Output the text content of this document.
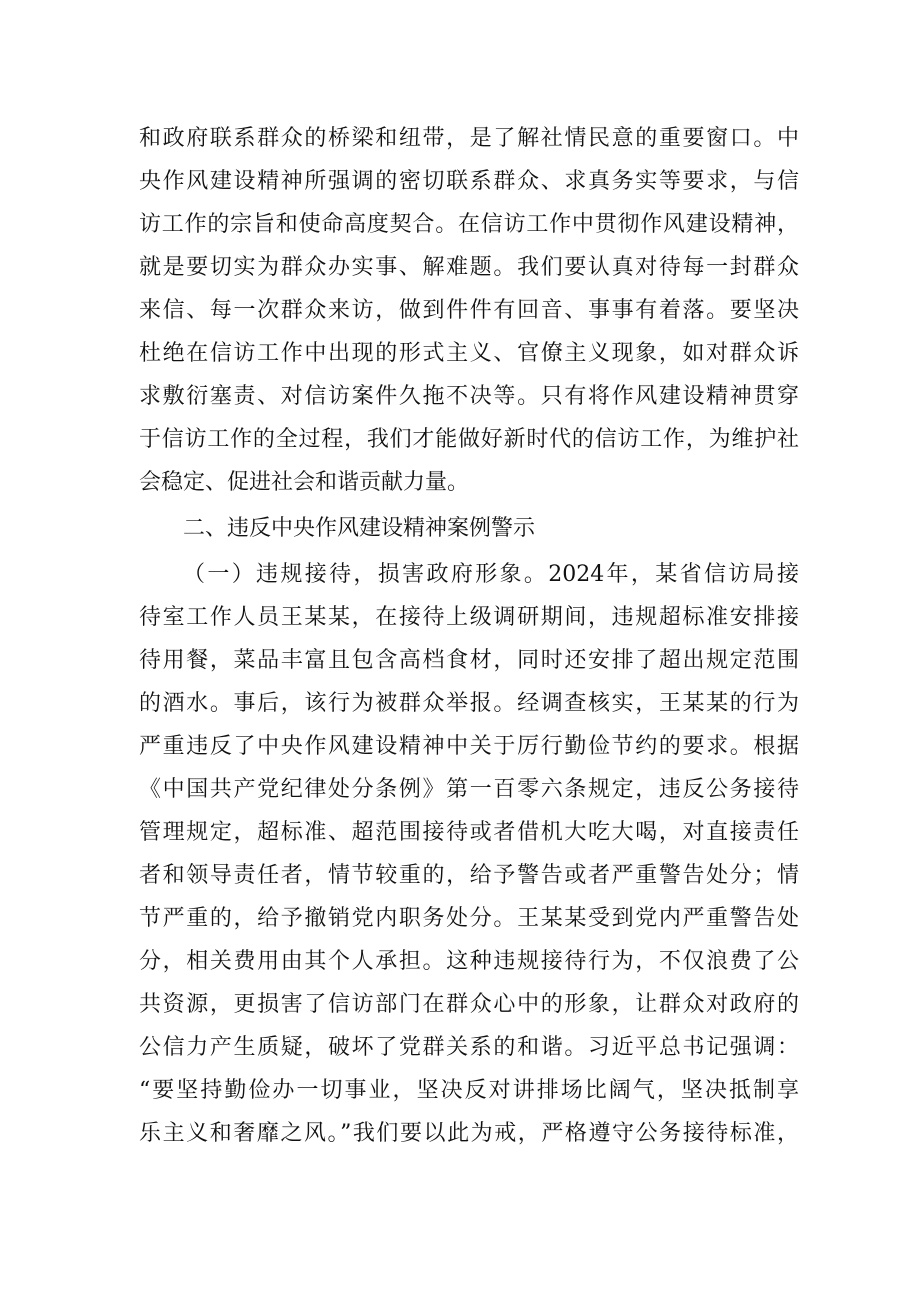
和政府联系群众的桥梁和纽带，是了解社情民意的重要窗口。中
央作风建设精神所强调的密切联系群众、求真务实等要求，与信
访工作的宗旨和使命高度契合。在信访工作中贯彻作风建设精神，
就是要切实为群众办实事、解难题。我们要认真对待每一封群众
来信、每一次群众来访，做到件件有回音、事事有着落。要坚决
杜绝在信访工作中出现的形式主义、官僚主义现象，如对群众诉
求敷衍塞责、对信访案件久拖不决等。只有将作风建设精神贯穿
于信访工作的全过程，我们才能做好新时代的信访工作，为维护社
会稳定、促进社会和谐贡献力量。
二、违反中央作风建设精神案例警示
（一）违规接待，损害政府形象。2024年，某省信访局接
待室工作人员王某某，在接待上级调研期间，违规超标准安排接
待用餐，菜品丰富且包含高档食材，同时还安排了超出规定范围
的酒水。事后，该行为被群众举报。经调查核实，王某某的行为
严重违反了中央作风建设精神中关于厉行勤俭节约的要求。根据
《中国共产党纪律处分条例》第一百零六条规定，违反公务接待
管理规定，超标准、超范围接待或者借机大吃大喝，对直接责任
者和领导责任者，情节较重的，给予警告或者严重警告处分；情
节严重的，给予撤销党内职务处分。王某某受到党内严重警告处
分，相关费用由其个人承担。这种违规接待行为，不仅浪费了公
共资源，更损害了信访部门在群众心中的形象，让群众对政府的
公信力产生质疑，破坏了党群关系的和谐。习近平总书记强调：
“要坚持勤俭办一切事业，坚决反对讲排场比阔气，坚决抵制享
乐主义和奢靡之风。”我们要以此为戒，严格遵守公务接待标准，
